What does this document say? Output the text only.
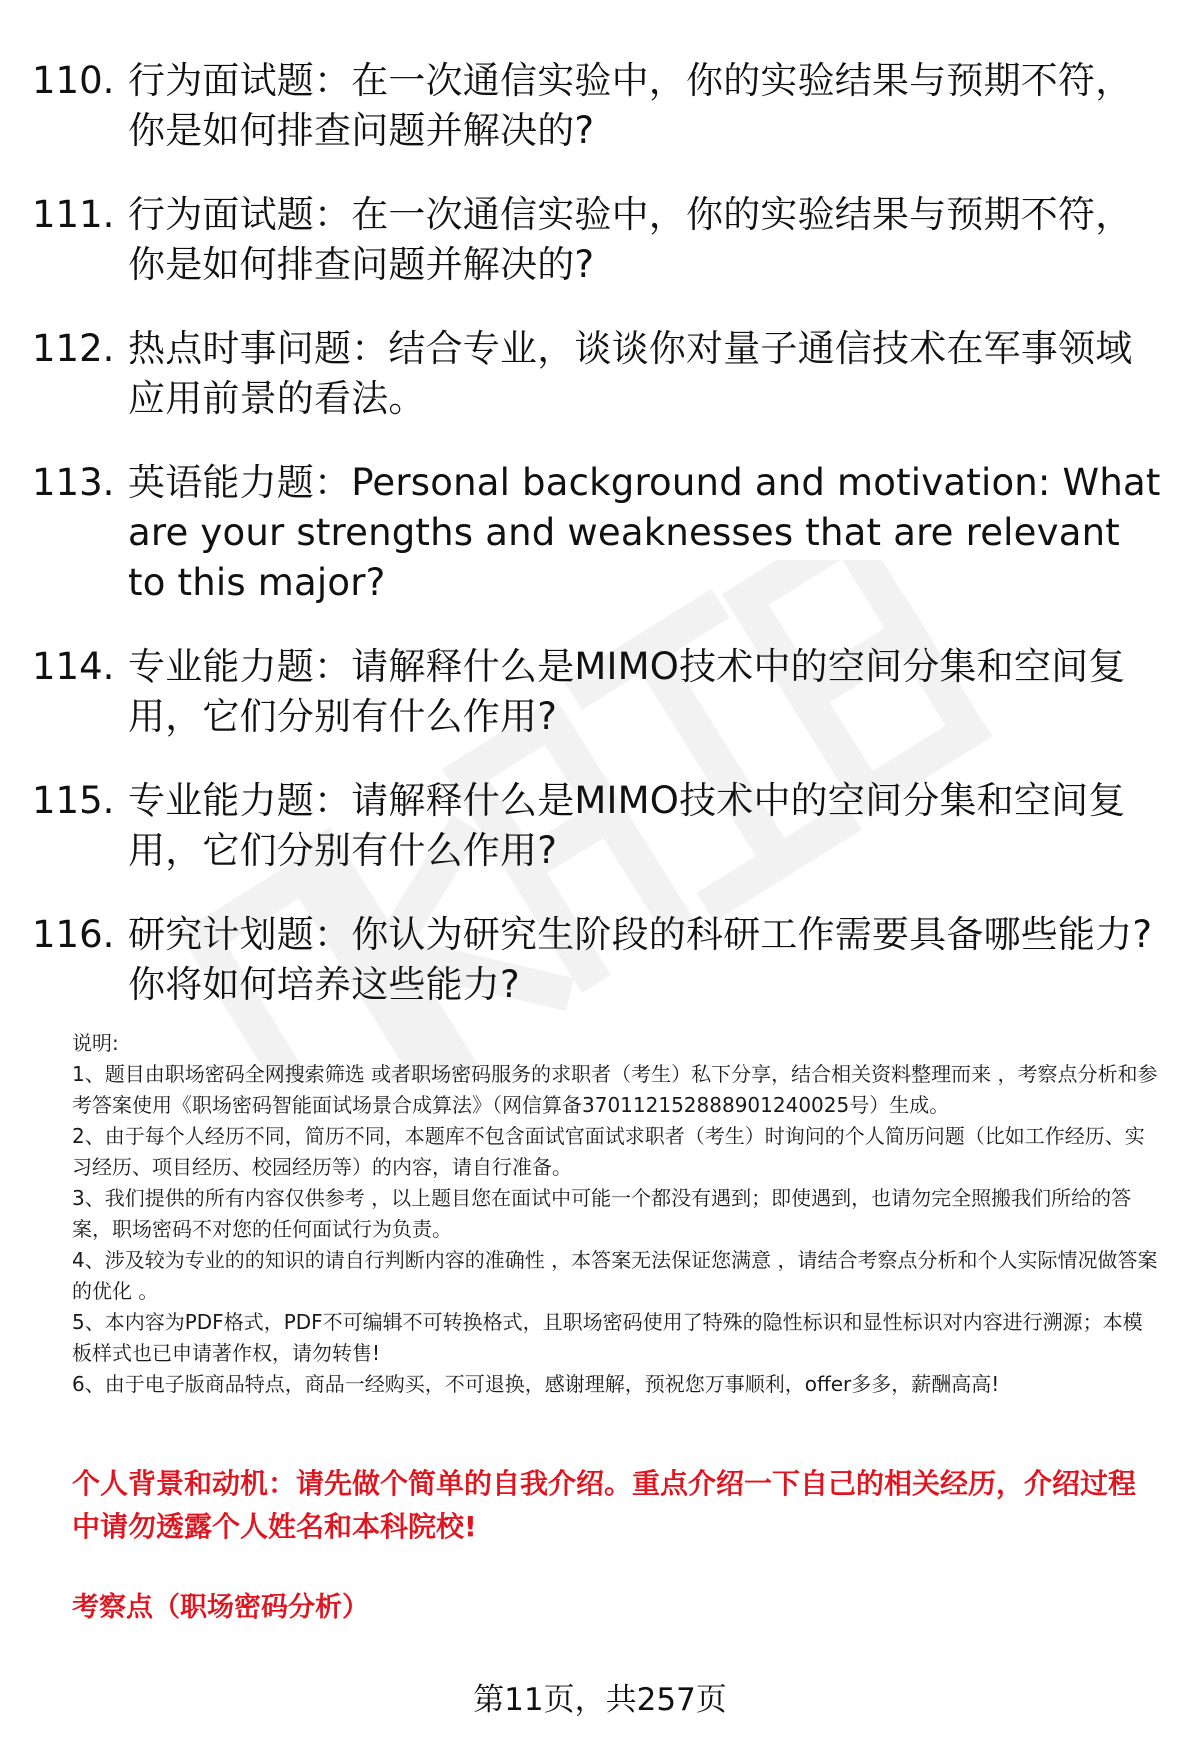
110. 行为面试题：在一次通信实验中，你的实验结果与预期不符，你是如何排查问题并解决的?
111. 行为面试题：在一次通信实验中，你的实验结果与预期不符，你是如何排查问题并解决的?
112. 热点时事问题：结合专业，谈谈你对量子通信技术在军事领域应用前景的看法。
113. 英语能力题：Personal background and motivation: What are your strengths and weaknesses that are relevant to this major?
114. 专业能力题：请解释什么是MIMO技术中的空间分集和空间复用，它们分别有什么作用?
115. 专业能力题：请解释什么是MIMO技术中的空间分集和空间复用，它们分别有什么作用?
116. 研究计划题：你认为研究生阶段的科研工作需要具备哪些能力?你将如何培养这些能力?

说明:

1、题目由职场密码全网搜索筛选 或者职场密码服务的求职者（考生）私下分享，结合相关资料整理而来 ，考察点分析和参考答案使用《职场密码智能面试场景合成算法》（网信算备370112152888901240025号）生成。

2、由于每个人经历不同，简历不同，本题库不包含面试官面试求职者（考生）时询问的个人简历问题（比如工作经历、实习经历、项目经历、校园经历等）的内容，请自行准备。

3、我们提供的所有内容仅供参考 ，以上题目您在面试中可能一个都没有遇到；即使遇到，也请勿完全照搬我们所给的答案，职场密码不对您的任何面试行为负责。

4、涉及较为专业的的知识的请自行判断内容的准确性 ，本答案无法保证您满意 ，请结合考察点分析和个人实际情况做答案的优化 。

5、本内容为PDF格式，PDF不可编辑不可转换格式，且职场密码使用了特殊的隐性标识和显性标识对内容进行溯源；本模板样式也已申请著作权，请勿转售!

6、由于电子版商品特点，商品一经购买，不可退换，感谢理解，预祝您万事顺利，offer多多，薪酬高高!

个人背景和动机：请先做个简单的自我介绍。重点介绍一下自己的相关经历，介绍过程中请勿透露个人姓名和本科院校!

考察点（职场密码分析）

第11页，共257页
